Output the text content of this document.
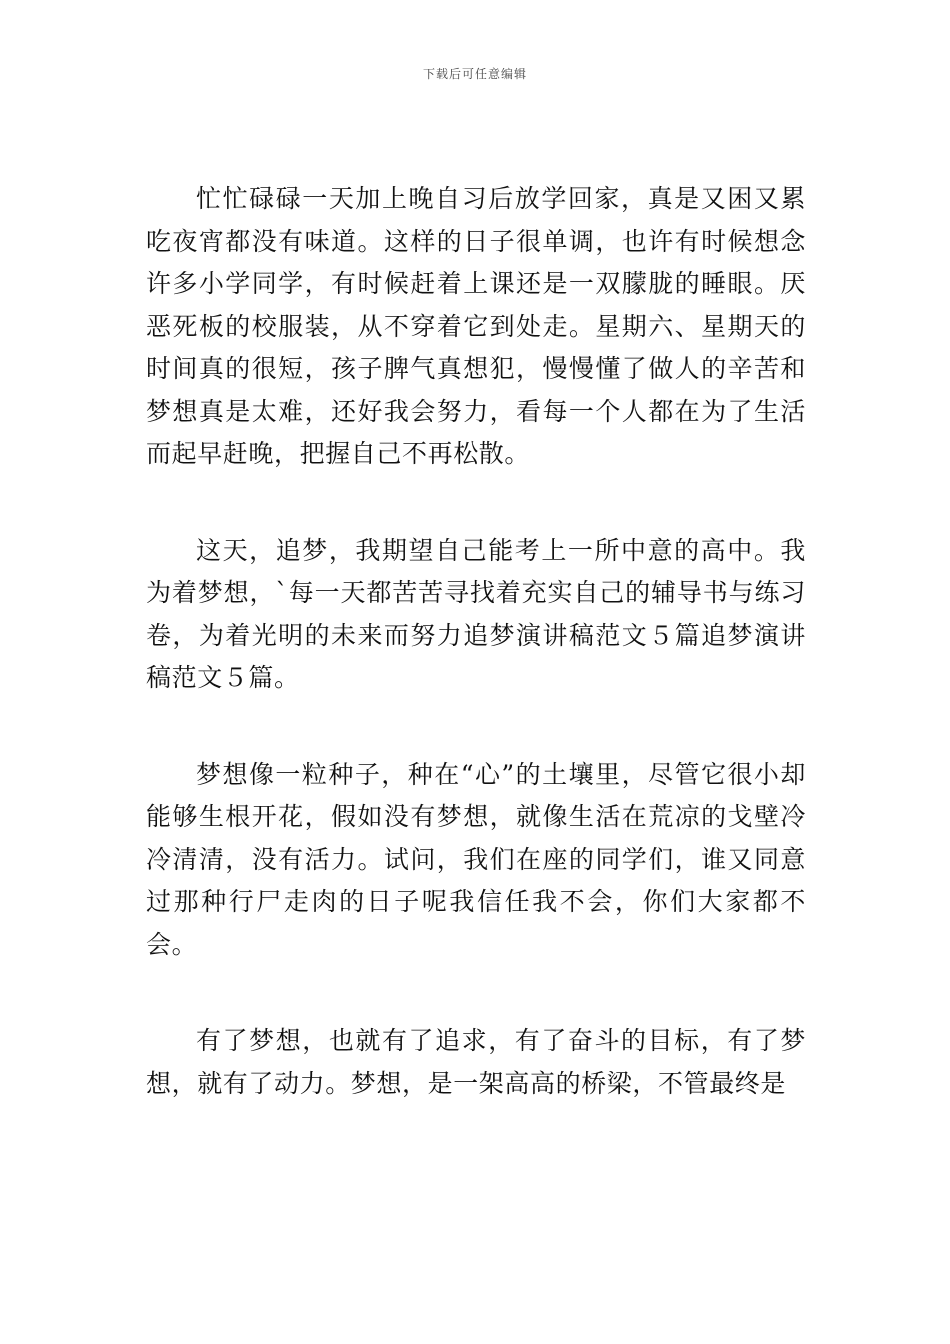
下载后可任意编辑

忙忙碌碌一天加上晚自习后放学回家，真是又困又累吃夜宵都没有味道。这样的日子很单调，也许有时候想念许多小学同学，有时候赶着上课还是一双朦胧的睡眼。厌恶死板的校服装，从不穿着它到处走。星期六、星期天的时间真的很短，孩子脾气真想犯，慢慢懂了做人的辛苦和梦想真是太难，还好我会努力，看每一个人都在为了生活而起早赶晚，把握自己不再松散。

这天，追梦，我期望自己能考上一所中意的高中。我为着梦想，`每一天都苦苦寻找着充实自己的辅导书与练习卷，为着光明的未来而努力追梦演讲稿范文５篇追梦演讲稿范文５篇。

梦想像一粒种子，种在“心”的土壤里，尽管它很小却能够生根开花，假如没有梦想，就像生活在荒凉的戈壁冷冷清清，没有活力。试问，我们在座的同学们，谁又同意过那种行尸走肉的日子呢我信任我不会，你们大家都不会。

有了梦想，也就有了追求，有了奋斗的目标，有了梦想，就有了动力。梦想，是一架高高的桥梁，不管最终是
